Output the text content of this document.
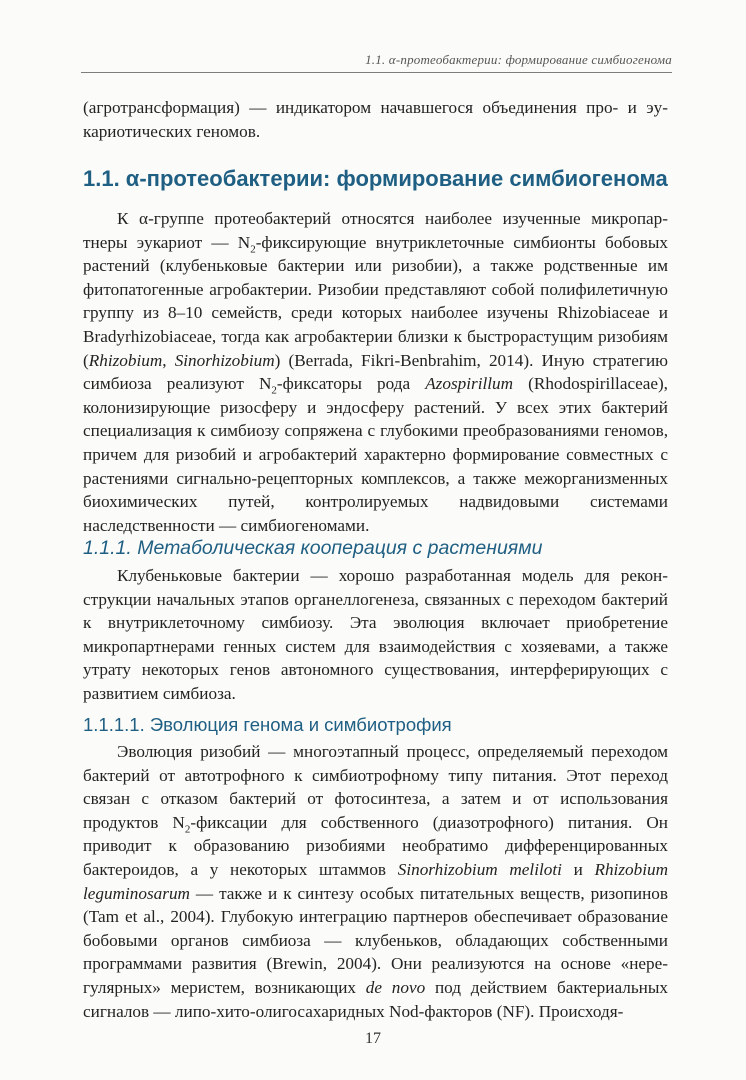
1.1. α-протеобактерии: формирование симбиогенома
(агротрансформация) — индикатором начавшегося объединения про- и эу-
кариотических геномов.
1.1. α-протеобактерии: формирование симбиогенома
К α-группе протеобактерий относятся наиболее изученные микропартнеры эукариот — $N_2$-фиксирующие внутриклеточные симбионты бобовых растений (клубеньковые бактерии или ризобии), а также родственные им фитопатогенные агробактерии. Ризобии представляют собой полифилетичную группу из 8–10 семейств, среди которых наиболее изучены Rhizobiaceae и Bradyrhizobiaceae, тогда как агробактерии близки к быстрорастущим ризобиям (Rhizobium, Sinorhizobium) (Berrada, Fikri-Benbrahim, 2014). Иную стратегию симбиоза реализуют $N_2$-фиксаторы рода Azospirillum (Rhodospirillaceae), колонизирующие ризосферу и эндосферу растений. У всех этих бактерий специализация к симбиозу сопряжена с глубокими преобразованиями геномов, причем для ризобий и агробактерий характерно формирование совместных с растениями сигнально-рецепторных комплексов, а также межорганизменных биохимических путей, контролируемых надвидовыми системами наследственности — симбиогеномами.
1.1.1. Метаболическая кооперация с растениями
Клубеньковые бактерии — хорошо разработанная модель для реконструкции начальных этапов органеллогенеза, связанных с переходом бактерий к внутриклеточному симбиозу. Эта эволюция включает приобретение микропартнерами генных систем для взаимодействия с хозяевами, а также утрату некоторых генов автономного существования, интерферирующих с развитием симбиоза.
1.1.1.1. Эволюция генома и симбиотрофия
Эволюция ризобий — многоэтапный процесс, определяемый переходом бактерий от автотрофного к симбиотрофному типу питания. Этот переход связан с отказом бактерий от фотосинтеза, а затем и от использования продуктов $N_2$-фиксации для собственного (диазотрофного) питания. Он приводит к образованию ризобиями необратимо дифференцированных бактероидов, а у некоторых штаммов Sinorhizobium meliloti и Rhizobium leguminosarum — также и к синтезу особых питательных веществ, ризопинов (Tam et al., 2004). Глубокую интеграцию партнеров обеспечивает образование бобовыми органов симбиоза — клубеньков, обладающих собственными программами развития (Brewin, 2004). Они реализуются на основе «нерегулярных» меристем, возникающих de novo под действием бактериальных сигналов — липо-хито-олигосахаридных Nod-факторов (NF). Происходя-
17
